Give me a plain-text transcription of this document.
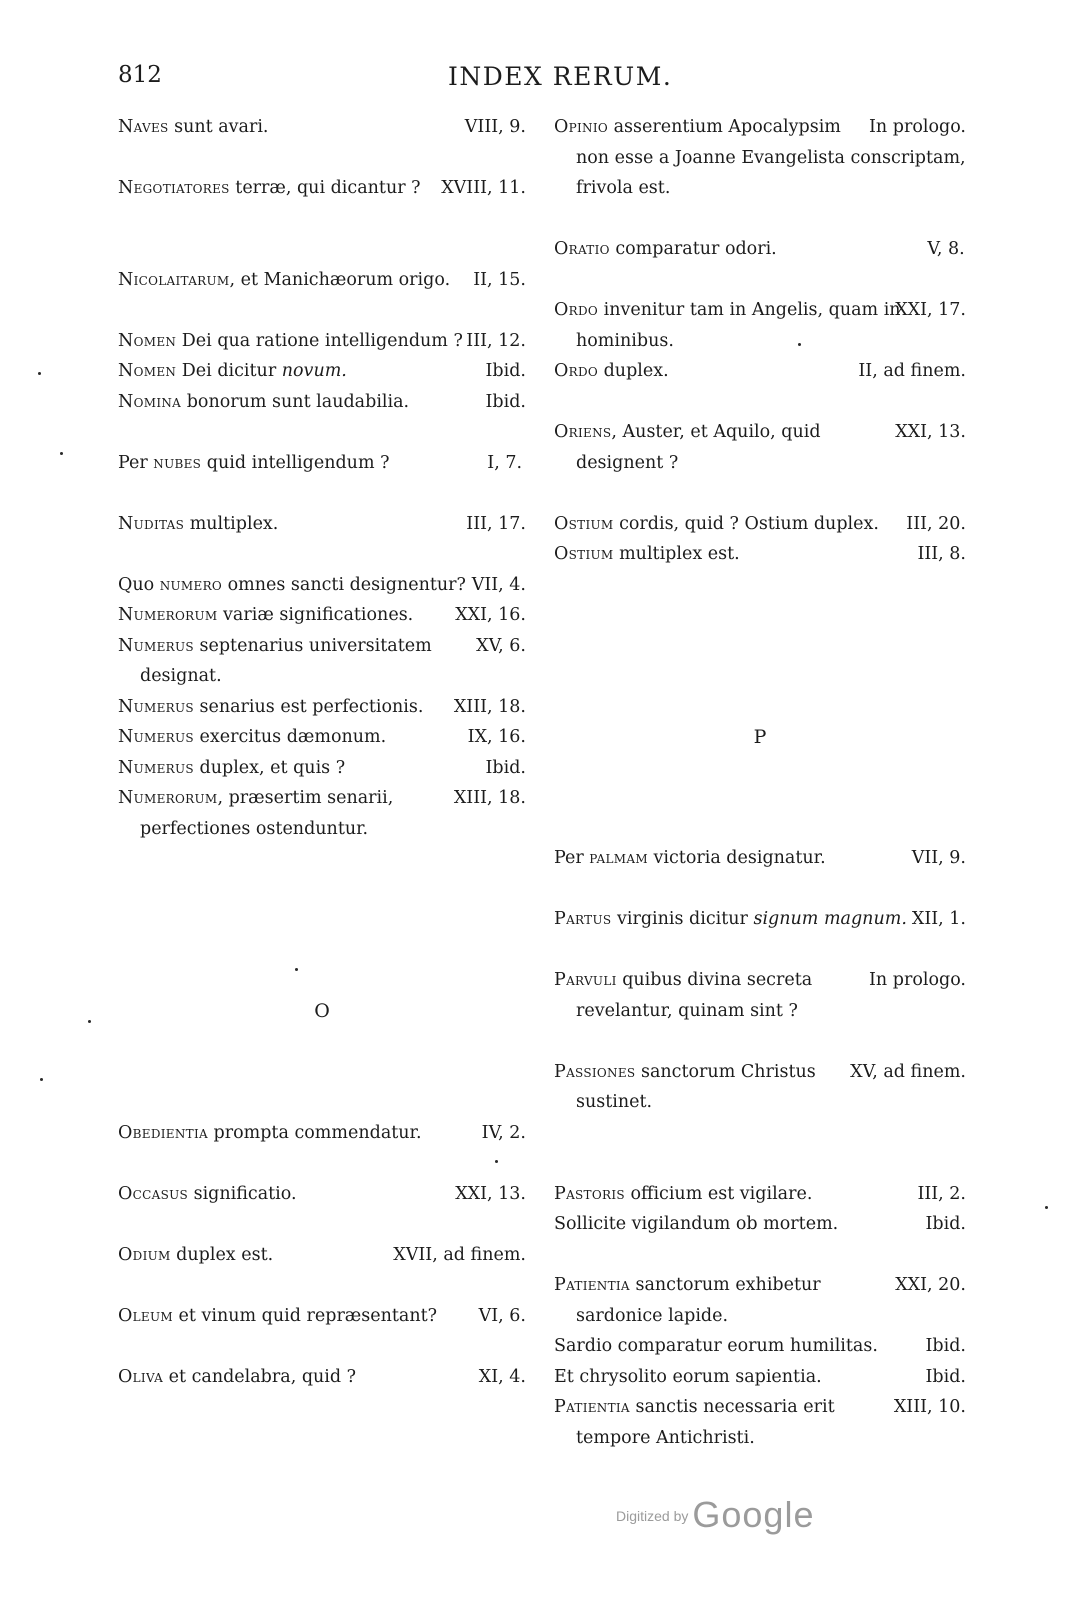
812	INDEX RERUM.
VIII, 9.
Naves sunt avari.
XVIII, 11.
Negotiatores terræ, qui dicantur ?
II, 15.
Nicolaitarum, et Manichæorum origo.
III, 12.
Nomen Dei qua ratione intelligendum ?
Ibid.
Nomen Dei dicitur novum.
Ibid.
Nomina bonorum sunt laudabilia.
I, 7.
Per nubes quid intelligendum ?
III, 17.
Nuditas multiplex.
VII, 4.
Quo numero omnes sancti designentur?
XXI, 16.
Numerorum variæ significationes.
XV, 6.
Numerus septenarius universitatem designat.
XIII, 18.
Numerus senarius est perfectionis.
IX, 16.
Numerus exercitus dæmonum.
Ibid.
Numerus duplex, et quis ?
XIII, 18.
Numerorum, præsertim senarii, perfectiones ostenduntur.
O
IV, 2.
Obedientia prompta commendatur.
XXI, 13.
Occasus significatio.
XVII, ad finem.
Odium duplex est.
VI, 6.
Oleum et vinum quid repræsentant?
XI, 4.
Oliva et candelabra, quid ?
In prologo.
Opinio asserentium Apocalypsim non esse a Joanne Evangelista conscriptam, frivola est.
V, 8.
Oratio comparatur odori.
XXI, 17.
Ordo invenitur tam in Angelis, quam in hominibus.
II, ad finem.
Ordo duplex.
XXI, 13.
Oriens, Auster, et Aquilo, quid designent ?
III, 20.
Ostium cordis, quid ? Ostium duplex.
III, 8.
Ostium multiplex est.
P
VII, 9.
Per palmam victoria designatur.
XII, 1.
Partus virginis dicitur signum magnum.
In prologo.
Parvuli quibus divina secreta revelantur, quinam sint ?
XV, ad finem.
Passiones sanctorum Christus sustinet.
III, 2.
Pastoris officium est vigilare.
Ibid.
Sollicite vigilandum ob mortem.
XXI, 20.
Patientia sanctorum exhibetur sardonice lapide.
Ibid.
Sardio comparatur eorum humilitas.
Ibid.
Et chrysolito eorum sapientia.
XIII, 10.
Patientia sanctis necessaria erit tempore Antichristi.
Digitized by Google
